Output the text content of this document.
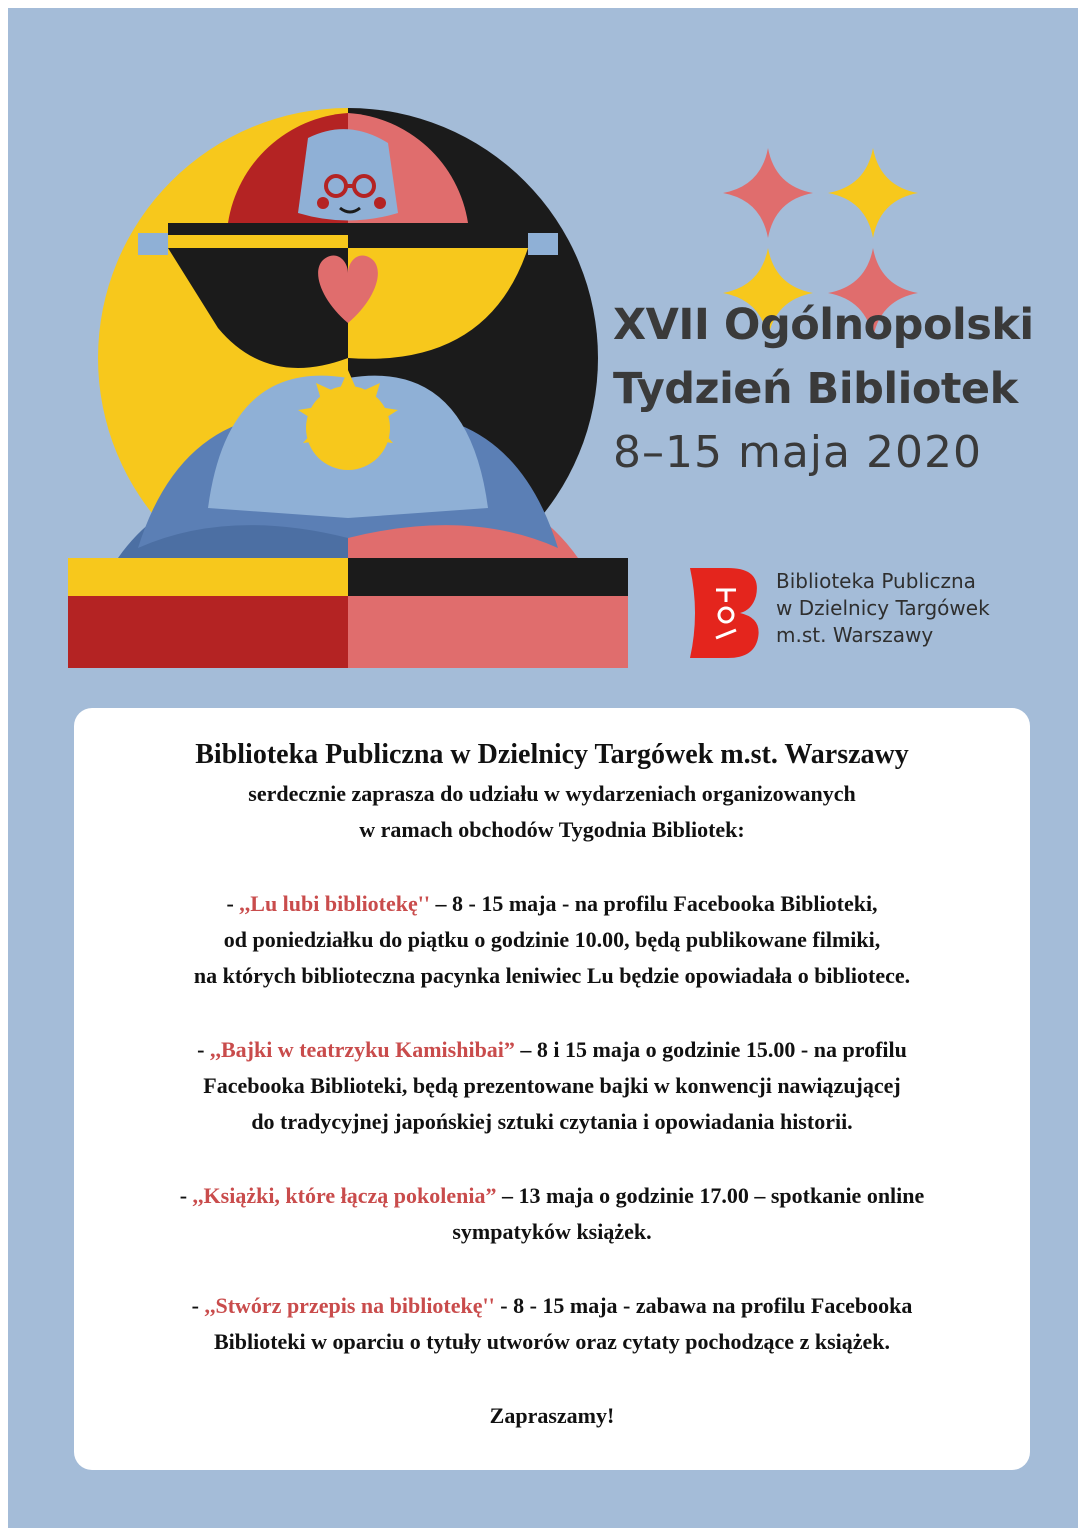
XVII Ogólnopolski
Tydzień Bibliotek
8–15 maja 2020
Biblioteka Publiczna
w Dzielnicy Targówek
m.st. Warszawy

Biblioteka Publiczna w Dzielnicy Targówek m.st. Warszawy

serdecznie zaprasza do udziału w wydarzeniach organizowanych

w ramach obchodów Tygodnia Bibliotek:

- ,,Lu lubi bibliotekę'' – 8 - 15 maja - na profilu Facebooka Biblioteki,

od poniedziałku do piątku o godzinie 10.00, będą publikowane filmiki,

na których biblioteczna pacynka leniwiec Lu będzie opowiadała o bibliotece.

- ,,Bajki w teatrzyku Kamishibai” – 8 i 15 maja o godzinie 15.00 - na profilu

Facebooka Biblioteki, będą prezentowane bajki w konwencji nawiązującej

do tradycyjnej japońskiej sztuki czytania i opowiadania historii.

- ,,Książki, które łączą pokolenia” – 13 maja o godzinie 17.00 – spotkanie online

sympatyków książek.

- ,,Stwórz przepis na bibliotekę'' - 8 - 15 maja - zabawa na profilu Facebooka

Biblioteki w oparciu o tytuły utworów oraz cytaty pochodzące z książek.

Zapraszamy!
